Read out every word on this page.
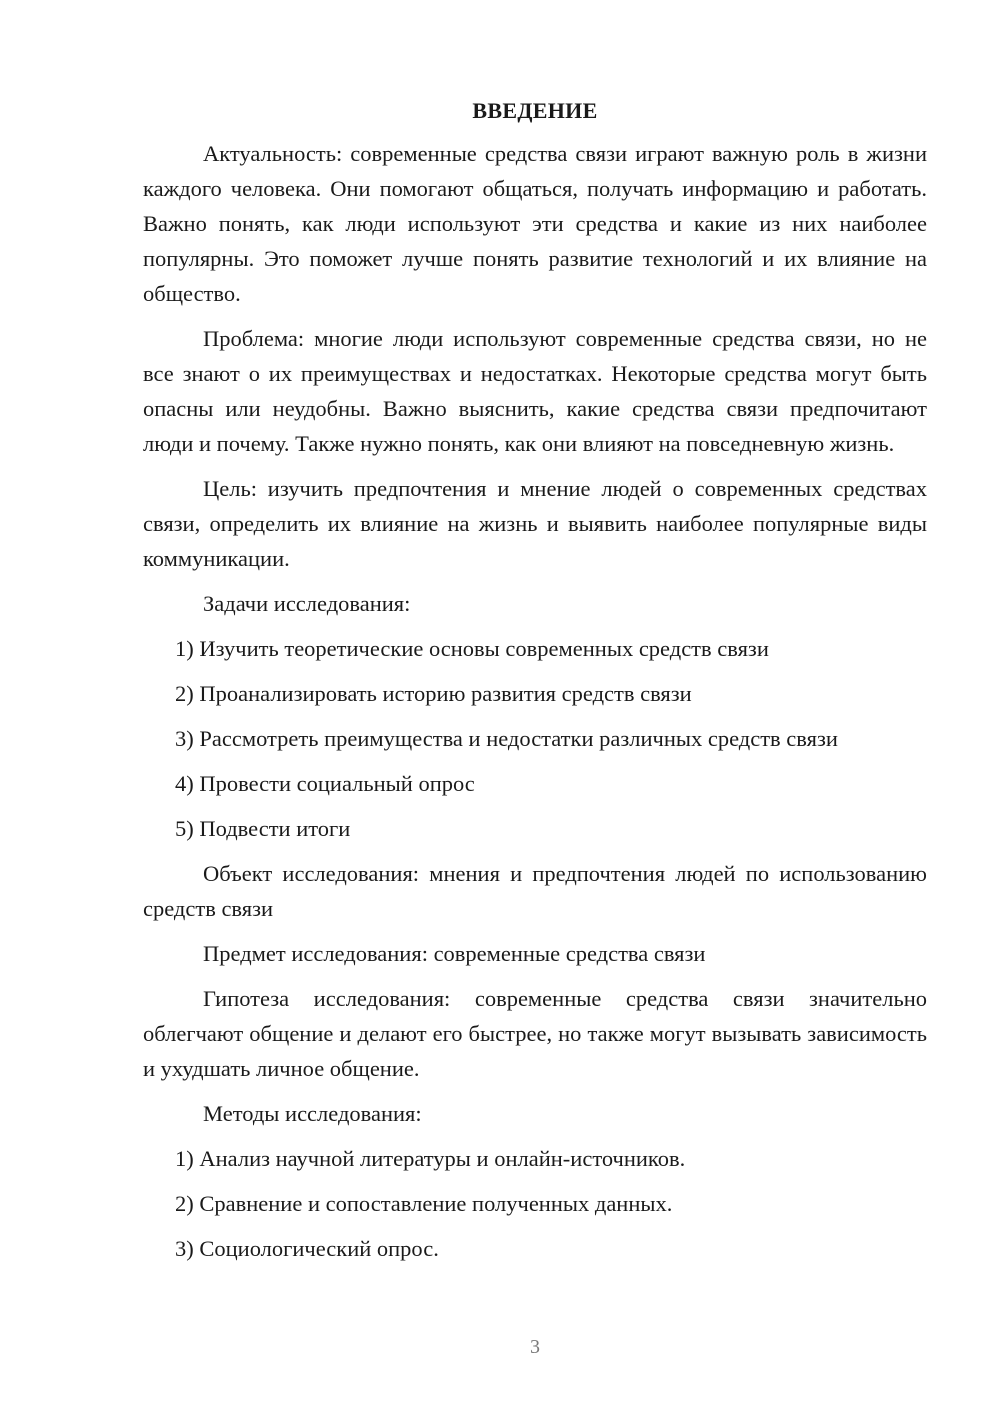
ВВЕДЕНИЕ
Актуальность: современные средства связи играют важную роль в жизни каждого человека. Они помогают общаться, получать информацию и работать. Важно понять, как люди используют эти средства и какие из них наиболее популярны. Это поможет лучше понять развитие технологий и их влияние на общество.
Проблема: многие люди используют современные средства связи, но не все знают о их преимуществах и недостатках. Некоторые средства могут быть опасны или неудобны. Важно выяснить, какие средства связи предпочитают люди и почему. Также нужно понять, как они влияют на повседневную жизнь.
Цель: изучить предпочтения и мнение людей о современных средствах связи, определить их влияние на жизнь и выявить наиболее популярные виды коммуникации.
Задачи исследования:
1) Изучить теоретические основы современных средств связи
2) Проанализировать историю развития средств связи
3) Рассмотреть преимущества и недостатки различных средств связи
4) Провести социальный опрос
5) Подвести итоги
Объект исследования: мнения и предпочтения людей по использованию средств связи
Предмет исследования: современные средства связи
Гипотеза исследования: современные средства связи значительно облегчают общение и делают его быстрее, но также могут вызывать зависимость и ухудшать личное общение.
Методы исследования:
1) Анализ научной литературы и онлайн-источников.
2) Сравнение и сопоставление полученных данных.
3) Социологический опрос.
3
